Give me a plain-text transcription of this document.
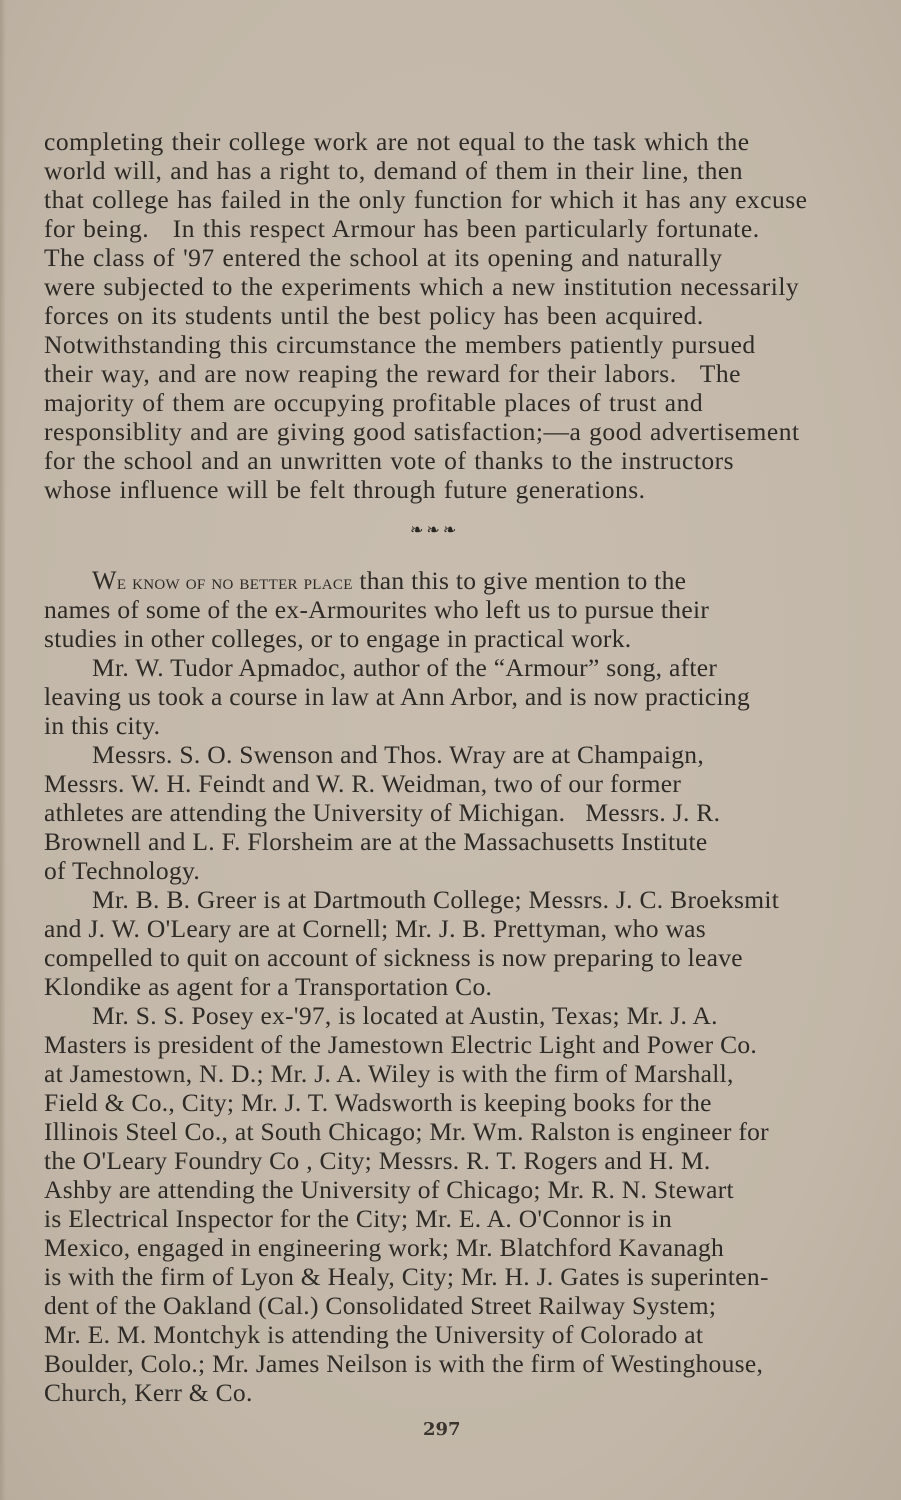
completing their college work are not equal to the task which the
world will, and has a right to, demand of them in their line, then
that college has failed in the only function for which it has any excuse
for being.   In this respect Armour has been particularly fortunate.
The class of '97 entered the school at its opening and naturally
were subjected to the experiments which a new institution necessarily
forces on its students until the best policy has been acquired.
Notwithstanding this circumstance the members patiently pursued
their way, and are now reaping the reward for their labors.   The
majority of them are occupying profitable places of trust and
responsiblity and are giving good satisfaction;—a good advertisement
for the school and an unwritten vote of thanks to the instructors
whose influence will be felt through future generations.
❧❧❧
We know of no better place than this to give mention to the
names of some of the ex-Armourites who left us to pursue their
studies in other colleges, or to engage in practical work.
Mr. W. Tudor Apmadoc, author of the “Armour” song, after
leaving us took a course in law at Ann Arbor, and is now practicing
in this city.
Messrs. S. O. Swenson and Thos. Wray are at Champaign,
Messrs. W. H. Feindt and W. R. Weidman, two of our former
athletes are attending the University of Michigan.   Messrs. J. R.
Brownell and L. F. Florsheim are at the Massachusetts Institute
of Technology.
Mr. B. B. Greer is at Dartmouth College; Messrs. J. C. Broeksmit
and J. W. O'Leary are at Cornell; Mr. J. B. Prettyman, who was
compelled to quit on account of sickness is now preparing to leave
Klondike as agent for a Transportation Co.
Mr. S. S. Posey ex-'97, is located at Austin, Texas; Mr. J. A.
Masters is president of the Jamestown Electric Light and Power Co.
at Jamestown, N. D.; Mr. J. A. Wiley is with the firm of Marshall,
Field & Co., City; Mr. J. T. Wadsworth is keeping books for the
Illinois Steel Co., at South Chicago; Mr. Wm. Ralston is engineer for
the O'Leary Foundry Co , City; Messrs. R. T. Rogers and H. M.
Ashby are attending the University of Chicago; Mr. R. N. Stewart
is Electrical Inspector for the City; Mr. E. A. O'Connor is in
Mexico, engaged in engineering work; Mr. Blatchford Kavanagh
is with the firm of Lyon & Healy, City; Mr. H. J. Gates is superinten-
dent of the Oakland (Cal.) Consolidated Street Railway System;
Mr. E. M. Montchyk is attending the University of Colorado at
Boulder, Colo.; Mr. James Neilson is with the firm of Westinghouse,
Church, Kerr & Co.
297
